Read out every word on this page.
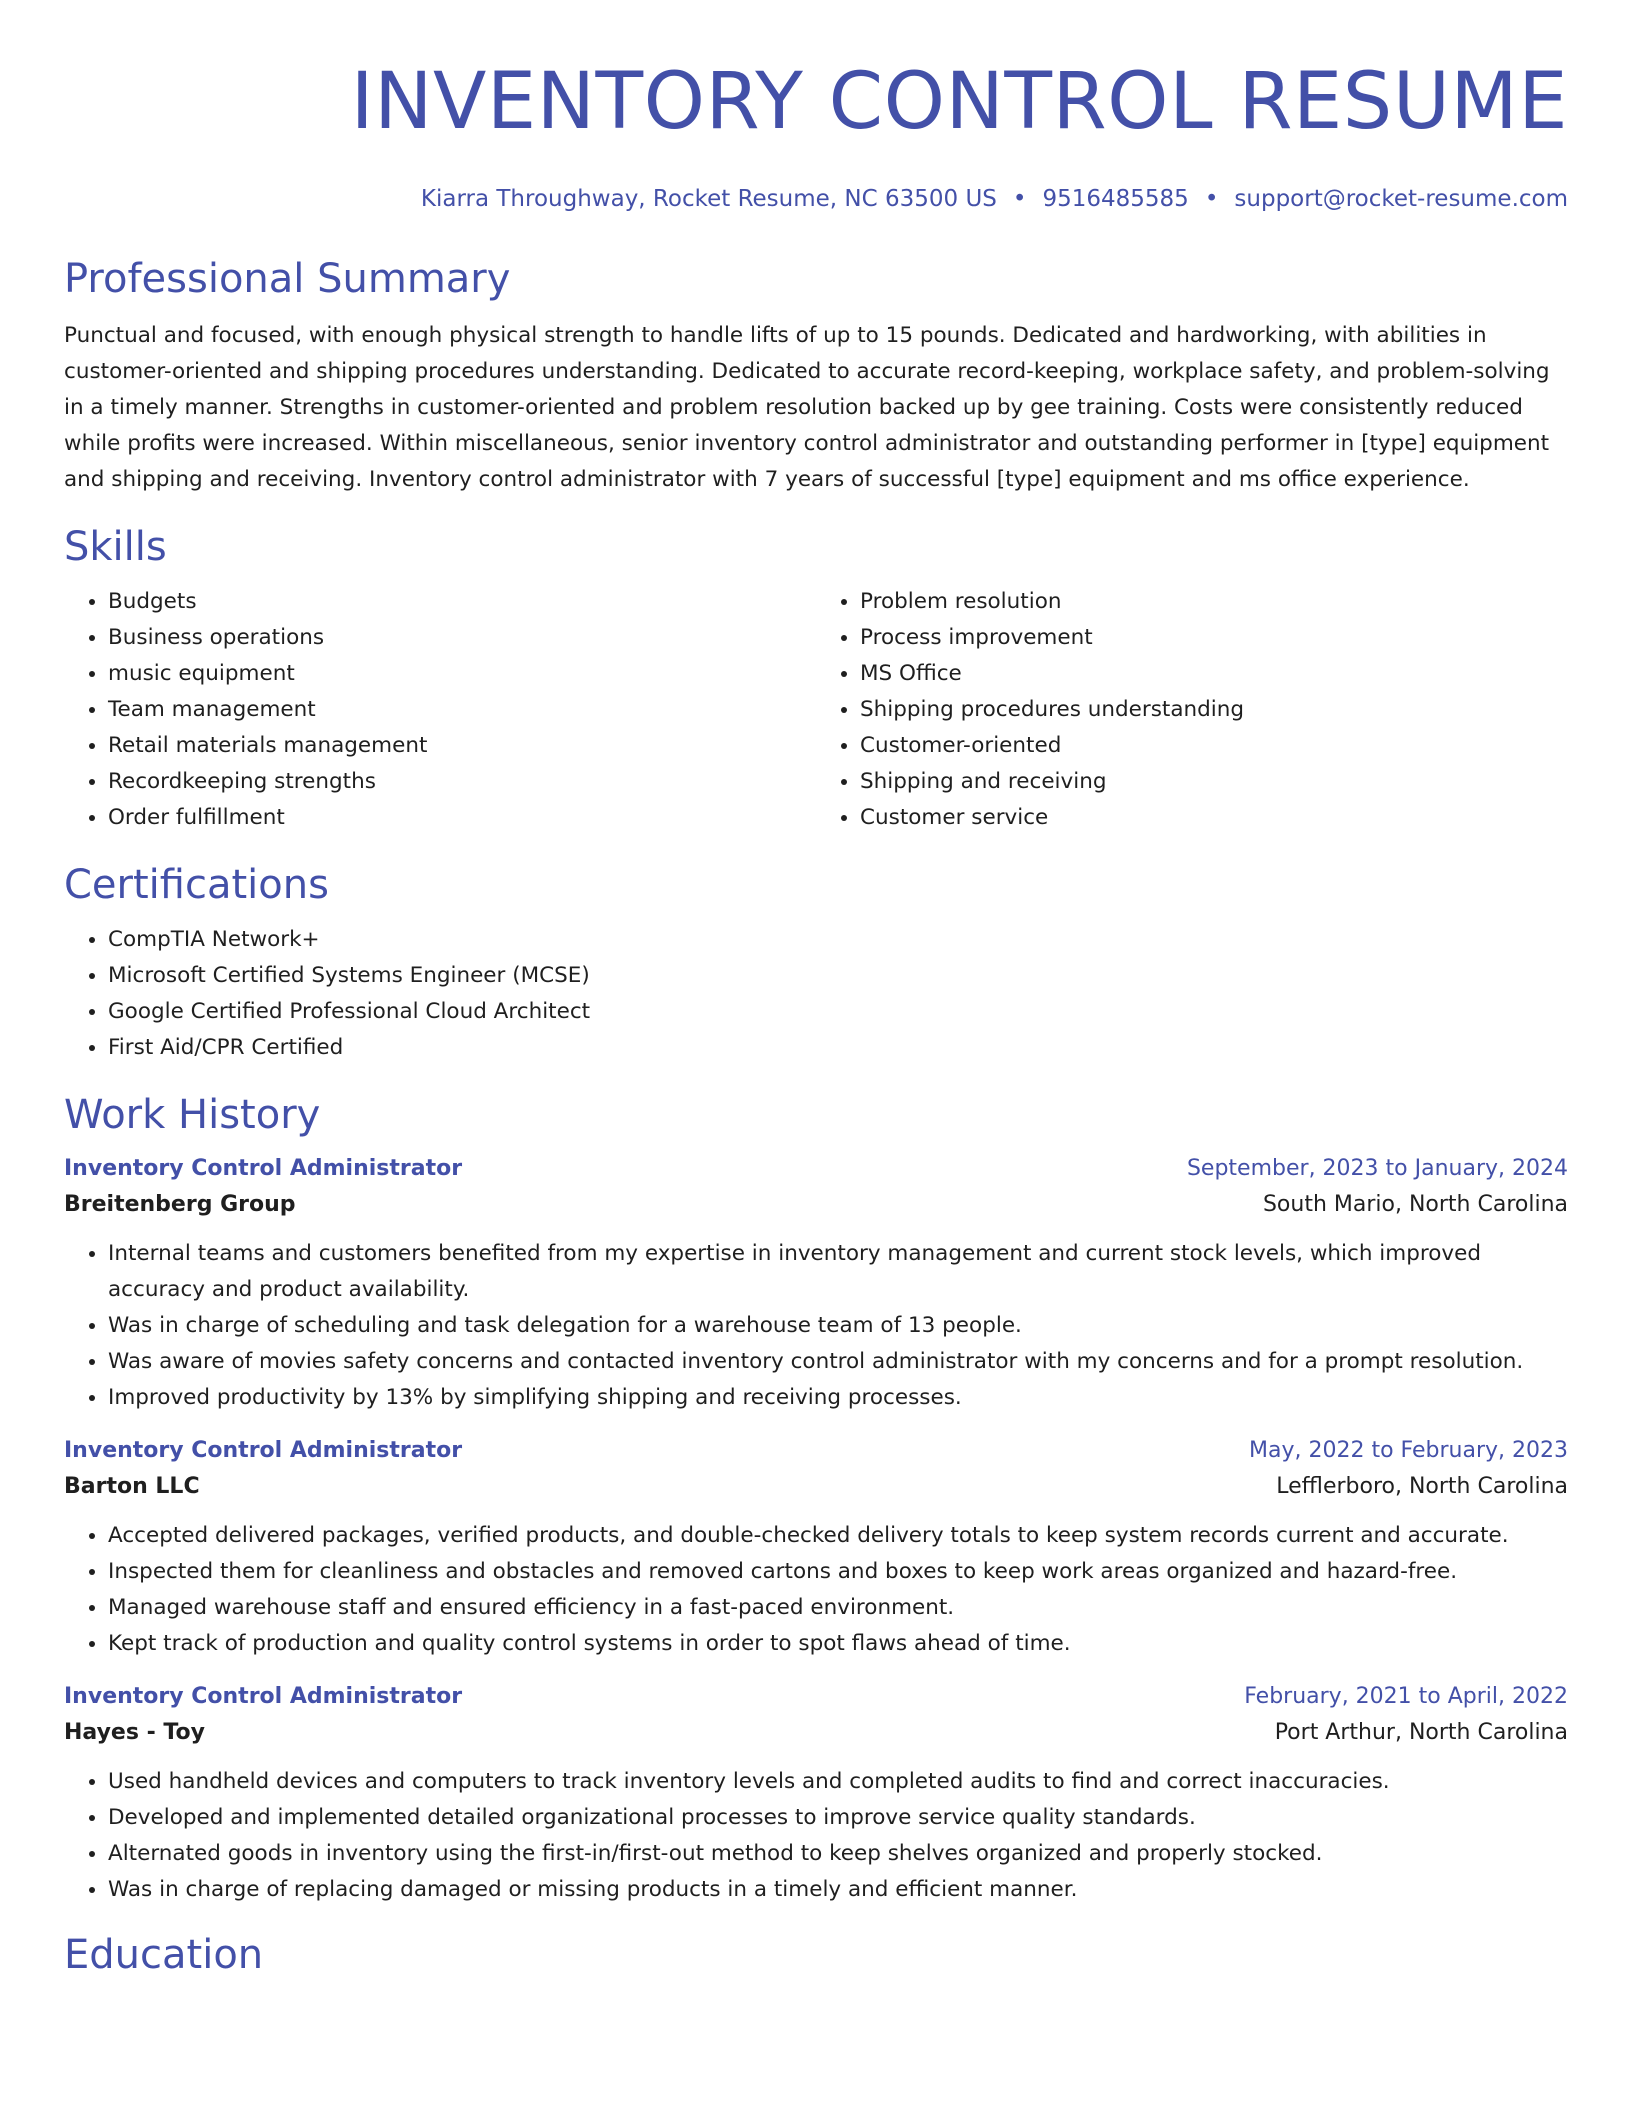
INVENTORY CONTROL RESUME
Kiarra Throughway, Rocket Resume, NC 63500 US • 9516485585 • support@rocket-resume.com
Professional Summary

Punctual and focused, with enough physical strength to handle lifts of up to 15 pounds. Dedicated and hardworking, with abilities in customer-oriented and shipping procedures understanding. Dedicated to accurate record-keeping, workplace safety, and problem-solving in a timely manner. Strengths in customer-oriented and problem resolution backed up by gee training. Costs were consistently reduced while profits were increased. Within miscellaneous, senior inventory control administrator and outstanding performer in [type] equipment and shipping and receiving. Inventory control administrator with 7 years of successful [type] equipment and ms office experience.

Skills
• Budgets
• Business operations
• music equipment
• Team management
• Retail materials management
• Recordkeeping strengths
• Order fulfillment
• Problem resolution
• Process improvement
• MS Office
• Shipping procedures understanding
• Customer-oriented
• Shipping and receiving
• Customer service
Certifications
• CompTIA Network+
• Microsoft Certified Systems Engineer (MCSE)
• Google Certified Professional Cloud Architect
• First Aid/CPR Certified
Work History
Inventory Control Administrator	September, 2023 to January, 2024
Breitenberg Group	South Mario, North Carolina
• Internal teams and customers benefited from my expertise in inventory management and current stock levels, which improved accuracy and product availability.
• Was in charge of scheduling and task delegation for a warehouse team of 13 people.
• Was aware of movies safety concerns and contacted inventory control administrator with my concerns and for a prompt resolution.
• Improved productivity by 13% by simplifying shipping and receiving processes.
Inventory Control Administrator	May, 2022 to February, 2023
Barton LLC	Lefflerboro, North Carolina
• Accepted delivered packages, verified products, and double-checked delivery totals to keep system records current and accurate.
• Inspected them for cleanliness and obstacles and removed cartons and boxes to keep work areas organized and hazard-free.
• Managed warehouse staff and ensured efficiency in a fast-paced environment.
• Kept track of production and quality control systems in order to spot flaws ahead of time.
Inventory Control Administrator	February, 2021 to April, 2022
Hayes - Toy	Port Arthur, North Carolina
• Used handheld devices and computers to track inventory levels and completed audits to find and correct inaccuracies.
• Developed and implemented detailed organizational processes to improve service quality standards.
• Alternated goods in inventory using the first-in/first-out method to keep shelves organized and properly stocked.
• Was in charge of replacing damaged or missing products in a timely and efficient manner.
Education
